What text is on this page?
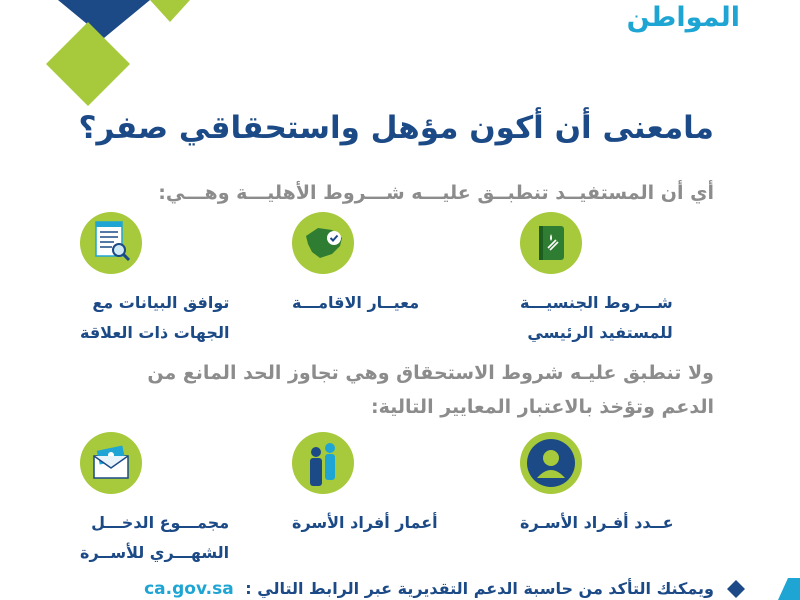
المواطن
مامعنى أن أكون مؤهل واستحقاقي صفر؟
أي أن المستفيــد تنطبــق عليـــه شـــروط الأهليـــة وهـــي:
شـــروط الجنسيـــة
للمستفيد الرئيسي
معيــار الاقامـــة
توافق البيانات مع
الجهات ذات العلاقة
ولا تنطبق عليـه شروط الاستحقاق وهي تجاوز الحد المانع من
الدعم وتؤخذ بالاعتبار المعايير التالية:
عــدد أفـراد الأسـرة
أعمار أفراد الأسرة
مجمـــوع الدخـــل
الشهـــري للأســرة
ca.gov.sa ويمكنك التأكد من حاسبة الدعم التقديرية عبر الرابط التالي :
